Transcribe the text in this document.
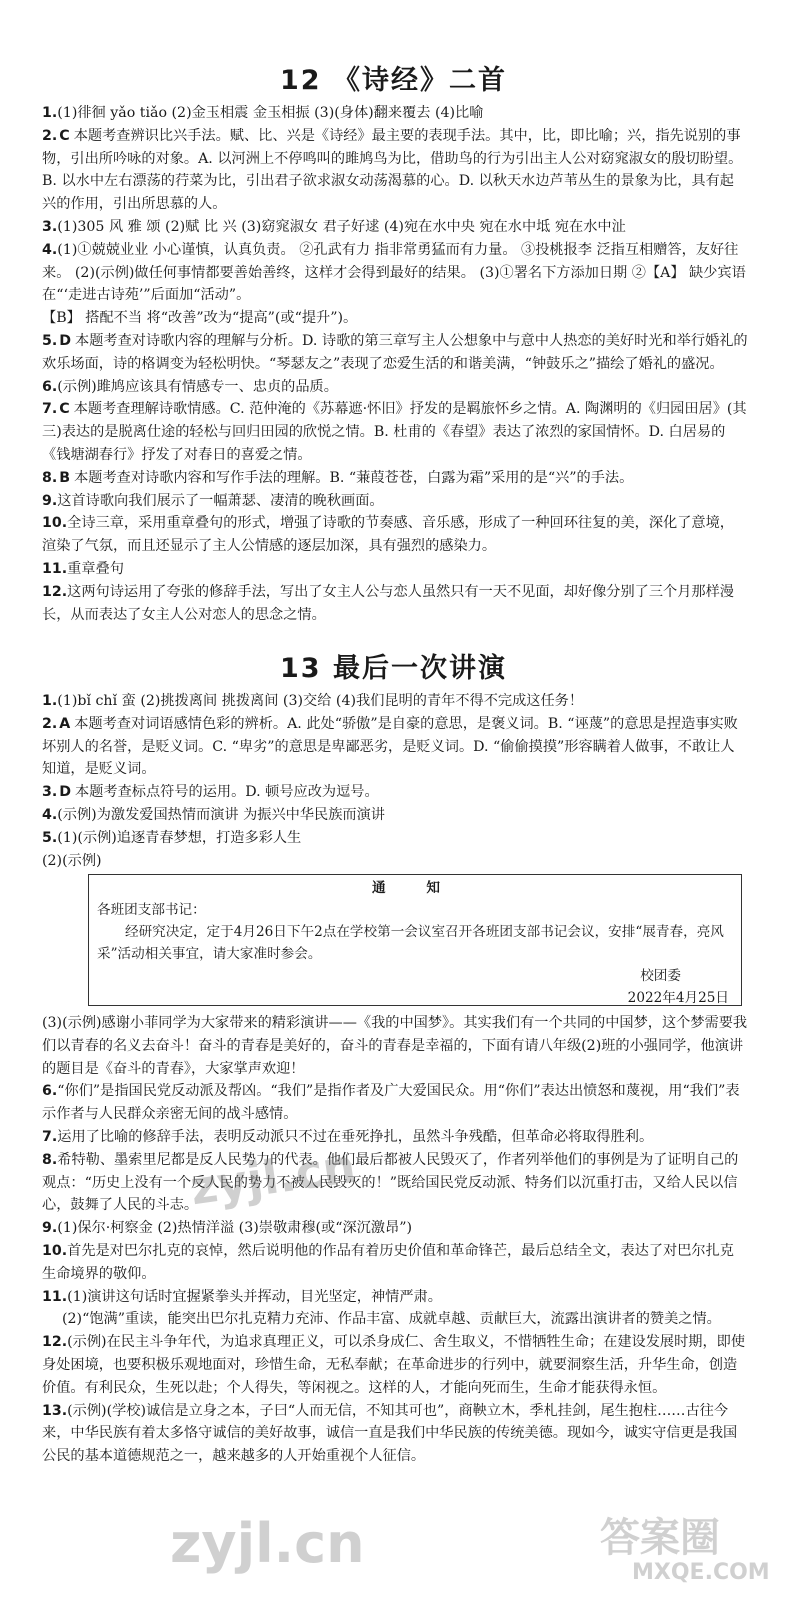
12 《诗经》二首

1.(1)徘徊 yǎo tiǎo (2)金玉相震 金玉相振 (3)(身体)翻来覆去 (4)比喻

2. C 本题考查辨识比兴手法。赋、比、兴是《诗经》最主要的表现手法。其中，比，即比喻；兴，指先说别的事物，引出所吟咏的对象。A. 以河洲上不停鸣叫的雎鸠鸟为比，借助鸟的行为引出主人公对窈窕淑女的殷切盼望。B. 以水中左右漂荡的荇菜为比，引出君子欲求淑女动荡渴慕的心。D. 以秋天水边芦苇丛生的景象为比，具有起兴的作用，引出所思慕的人。

3.(1)305 风 雅 颂 (2)赋 比 兴 (3)窈窕淑女 君子好逑 (4)宛在水中央 宛在水中坻 宛在水中沚

4.(1)①兢兢业业 小心谨慎，认真负责。 ②孔武有力 指非常勇猛而有力量。 ③投桃报李 泛指互相赠答，友好往来。 (2)(示例)做任何事情都要善始善终，这样才会得到最好的结果。 (3)①署名下方添加日期 ②【A】 缺少宾语 在“‘走进古诗苑’”后面加“活动”。

【B】 搭配不当 将“改善”改为“提高”(或“提升”)。

5. D 本题考查对诗歌内容的理解与分析。D. 诗歌的第三章写主人公想象中与意中人热恋的美好时光和举行婚礼的欢乐场面，诗的格调变为轻松明快。“琴瑟友之”表现了恋爱生活的和谐美满，“钟鼓乐之”描绘了婚礼的盛况。

6.(示例)雎鸠应该具有情感专一、忠贞的品质。

7. C 本题考查理解诗歌情感。C. 范仲淹的《苏幕遮·怀旧》抒发的是羁旅怀乡之情。A. 陶渊明的《归园田居》(其三)表达的是脱离仕途的轻松与回归田园的欣悦之情。B. 杜甫的《春望》表达了浓烈的家国情怀。D. 白居易的《钱塘湖春行》抒发了对春日的喜爱之情。

8. B 本题考查对诗歌内容和写作手法的理解。B. “蒹葭苍苍，白露为霜”采用的是“兴”的手法。

9.这首诗歌向我们展示了一幅萧瑟、凄清的晚秋画面。

10.全诗三章，采用重章叠句的形式，增强了诗歌的节奏感、音乐感，形成了一种回环往复的美，深化了意境，渲染了气氛，而且还显示了主人公情感的逐层加深，具有强烈的感染力。

11.重章叠句

12.这两句诗运用了夸张的修辞手法，写出了女主人公与恋人虽然只有一天不见面，却好像分别了三个月那样漫长，从而表达了女主人公对恋人的思念之情。

13 最后一次讲演

1.(1)bǐ chǐ 蛮 (2)挑拨离间 挑拨离间 (3)交给 (4)我们昆明的青年不得不完成这任务！

2. A 本题考查对词语感情色彩的辨析。A. 此处“骄傲”是自豪的意思，是褒义词。B. “诬蔑”的意思是捏造事实败坏别人的名誉，是贬义词。C. “卑劣”的意思是卑鄙恶劣，是贬义词。D. “偷偷摸摸”形容瞒着人做事，不敢让人知道，是贬义词。

3. D 本题考查标点符号的运用。D. 顿号应改为逗号。

4.(示例)为激发爱国热情而演讲 为振兴中华民族而演讲

5.(1)(示例)追逐青春梦想，打造多彩人生

(2)(示例)

通 知
各班团支部书记：
经研究决定，定于4月26日下午2点在学校第一会议室召开各班团支部书记会议，安排“展青春，亮风采”活动相关事宜，请大家准时参会。
校团委
2022年4月25日

(3)(示例)感谢小菲同学为大家带来的精彩演讲——《我的中国梦》。其实我们有一个共同的中国梦，这个梦需要我们以青春的名义去奋斗！奋斗的青春是美好的，奋斗的青春是幸福的，下面有请八年级(2)班的小强同学，他演讲的题目是《奋斗的青春》，大家掌声欢迎！

6.“你们”是指国民党反动派及帮凶。“我们”是指作者及广大爱国民众。用“你们”表达出愤怒和蔑视，用“我们”表示作者与人民群众亲密无间的战斗感情。

7.运用了比喻的修辞手法，表明反动派只不过在垂死挣扎，虽然斗争残酷，但革命必将取得胜利。

8.希特勒、墨索里尼都是反人民势力的代表。他们最后都被人民毁灭了，作者列举他们的事例是为了证明自己的观点：“历史上没有一个反人民的势力不被人民毁灭的！”既给国民党反动派、特务们以沉重打击，又给人民以信心，鼓舞了人民的斗志。

9.(1)保尔·柯察金 (2)热情洋溢 (3)崇敬肃穆(或“深沉激昂”)

10.首先是对巴尔扎克的哀悼，然后说明他的作品有着历史价值和革命锋芒，最后总结全文，表达了对巴尔扎克生命境界的敬仰。

11.(1)演讲这句话时宜握紧拳头并挥动，目光坚定，神情严肃。

(2)“饱满”重读，能突出巴尔扎克精力充沛、作品丰富、成就卓越、贡献巨大，流露出演讲者的赞美之情。

12.(示例)在民主斗争年代，为追求真理正义，可以杀身成仁、舍生取义，不惜牺牲生命；在建设发展时期，即使身处困境，也要积极乐观地面对，珍惜生命，无私奉献；在革命进步的行列中，就要洞察生活，升华生命，创造价值。有利民众，生死以赴；个人得失，等闲视之。这样的人，才能向死而生，生命才能获得永恒。

13.(示例)(学校)诚信是立身之本，子曰“人而无信，不知其可也”，商鞅立木，季札挂剑，尾生抱柱……古往今来，中华民族有着太多恪守诚信的美好故事，诚信一直是我们中华民族的传统美德。现如今，诚实守信更是我国公民的基本道德规范之一，越来越多的人开始重视个人征信。

zyjl.cn
zyjl.cn	答案圈
MXQE.COM
